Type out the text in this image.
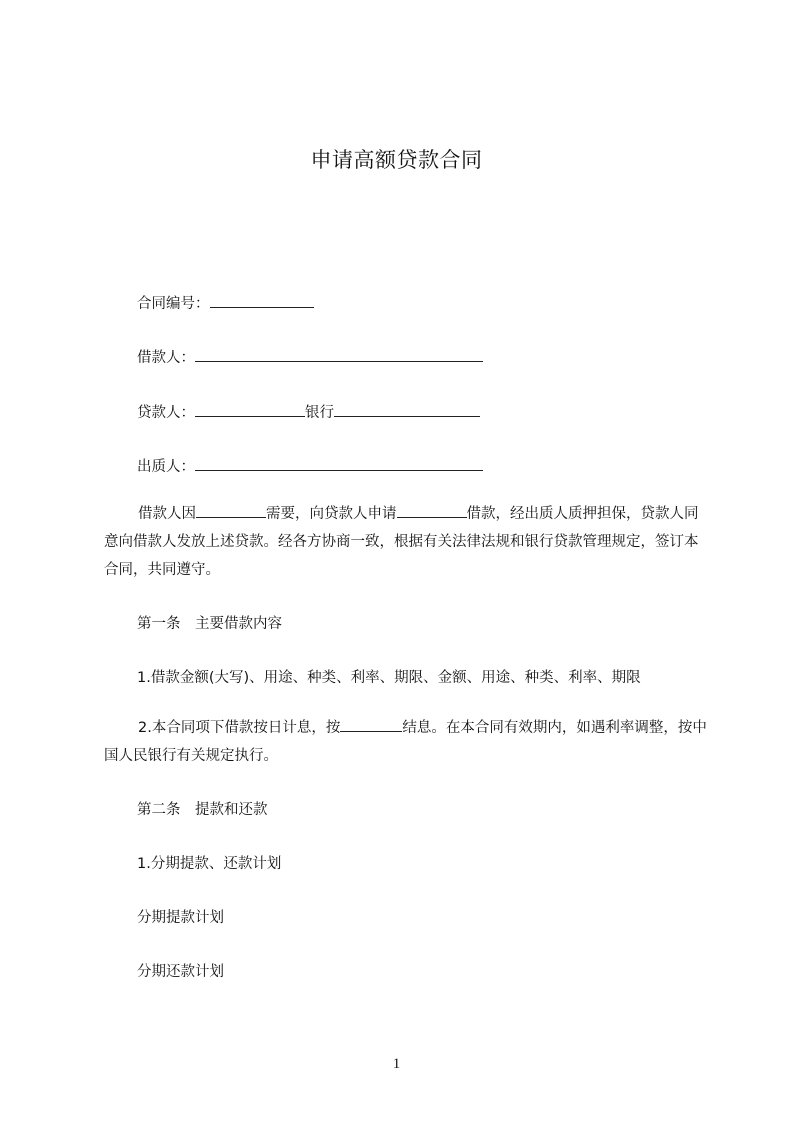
申请高额贷款合同
合同编号：
借款人：
贷款人：	银行
出质人：
借款人因	需要，向贷款人申请	借款，经出质人质押担保，贷款人同意向借款人发放上述贷款。经各方协商一致，根据有关法律法规和银行贷款管理规定，签订本合同，共同遵守。
第一条　主要借款内容
1.借款金额(大写)、用途、种类、利率、期限、金额、用途、种类、利率、期限
2.本合同项下借款按日计息，按	结息。在本合同有效期内，如遇利率调整，按中国人民银行有关规定执行。
第二条　提款和还款
1.分期提款、还款计划
分期提款计划
分期还款计划
1
